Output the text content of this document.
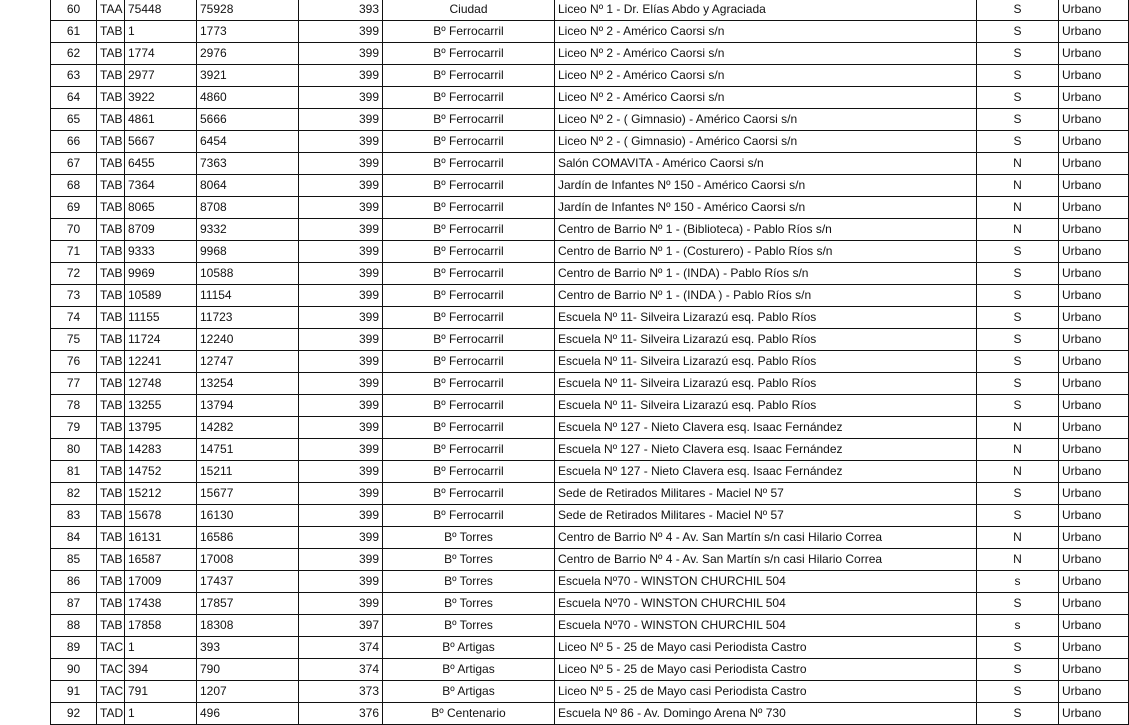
60	TAA	75448	75928	393	Ciudad	Liceo Nº 1 - Dr. Elías Abdo y Agraciada	S	Urbano
61	TAB	1	1773	399	Bº Ferrocarril	Liceo Nº 2 - Américo Caorsi s/n	S	Urbano
62	TAB	1774	2976	399	Bº Ferrocarril	Liceo Nº 2 - Américo Caorsi s/n	S	Urbano
63	TAB	2977	3921	399	Bº Ferrocarril	Liceo Nº 2 - Américo Caorsi s/n	S	Urbano
64	TAB	3922	4860	399	Bº Ferrocarril	Liceo Nº 2 - Américo Caorsi s/n	S	Urbano
65	TAB	4861	5666	399	Bº Ferrocarril	Liceo Nº 2 - ( Gimnasio) - Américo Caorsi s/n	S	Urbano
66	TAB	5667	6454	399	Bº Ferrocarril	Liceo Nº 2 - ( Gimnasio) - Américo Caorsi s/n	S	Urbano
67	TAB	6455	7363	399	Bº Ferrocarril	Salón COMAVITA - Américo Caorsi s/n	N	Urbano
68	TAB	7364	8064	399	Bº Ferrocarril	Jardín de Infantes Nº 150 - Américo Caorsi s/n	N	Urbano
69	TAB	8065	8708	399	Bº Ferrocarril	Jardín de Infantes Nº 150 - Américo Caorsi s/n	N	Urbano
70	TAB	8709	9332	399	Bº Ferrocarril	Centro de Barrio Nº 1 - (Biblioteca) - Pablo Ríos s/n	N	Urbano
71	TAB	9333	9968	399	Bº Ferrocarril	Centro de Barrio Nº 1 - (Costurero) - Pablo Ríos s/n	S	Urbano
72	TAB	9969	10588	399	Bº Ferrocarril	Centro de Barrio Nº 1 - (INDA) - Pablo Ríos s/n	S	Urbano
73	TAB	10589	11154	399	Bº Ferrocarril	Centro de Barrio Nº 1 - (INDA ) - Pablo Ríos s/n	S	Urbano
74	TAB	11155	11723	399	Bº Ferrocarril	Escuela Nº 11- Silveira Lizarazú esq. Pablo Ríos	S	Urbano
75	TAB	11724	12240	399	Bº Ferrocarril	Escuela Nº 11- Silveira Lizarazú esq. Pablo Ríos	S	Urbano
76	TAB	12241	12747	399	Bº Ferrocarril	Escuela Nº 11- Silveira Lizarazú esq. Pablo Ríos	S	Urbano
77	TAB	12748	13254	399	Bº Ferrocarril	Escuela Nº 11- Silveira Lizarazú esq. Pablo Ríos	S	Urbano
78	TAB	13255	13794	399	Bº Ferrocarril	Escuela Nº 11- Silveira Lizarazú esq. Pablo Ríos	S	Urbano
79	TAB	13795	14282	399	Bº Ferrocarril	Escuela Nº 127 - Nieto Clavera esq. Isaac Fernández	N	Urbano
80	TAB	14283	14751	399	Bº Ferrocarril	Escuela Nº 127 - Nieto Clavera esq. Isaac Fernández	N	Urbano
81	TAB	14752	15211	399	Bº Ferrocarril	Escuela Nº 127 - Nieto Clavera esq. Isaac Fernández	N	Urbano
82	TAB	15212	15677	399	Bº Ferrocarril	Sede de Retirados Militares - Maciel Nº 57	S	Urbano
83	TAB	15678	16130	399	Bº Ferrocarril	Sede de Retirados Militares - Maciel Nº 57	S	Urbano
84	TAB	16131	16586	399	Bº Torres	Centro de Barrio Nº 4 - Av. San Martín s/n casi Hilario Correa	N	Urbano
85	TAB	16587	17008	399	Bº Torres	Centro de Barrio Nº 4 - Av. San Martín s/n casi Hilario Correa	N	Urbano
86	TAB	17009	17437	399	Bº Torres	Escuela Nº70 - WINSTON CHURCHIL 504	s	Urbano
87	TAB	17438	17857	399	Bº Torres	Escuela Nº70 - WINSTON CHURCHIL 504	S	Urbano
88	TAB	17858	18308	397	Bº Torres	Escuela Nº70 - WINSTON CHURCHIL 504	s	Urbano
89	TAC	1	393	374	Bº Artigas	Liceo Nº 5 - 25 de Mayo casi Periodista Castro	S	Urbano
90	TAC	394	790	374	Bº Artigas	Liceo Nº 5 - 25 de Mayo casi Periodista Castro	S	Urbano
91	TAC	791	1207	373	Bº Artigas	Liceo Nº 5 - 25 de Mayo casi Periodista Castro	S	Urbano
92	TAD	1	496	376	Bº Centenario	Escuela Nº 86 - Av. Domingo Arena Nº 730	S	Urbano
